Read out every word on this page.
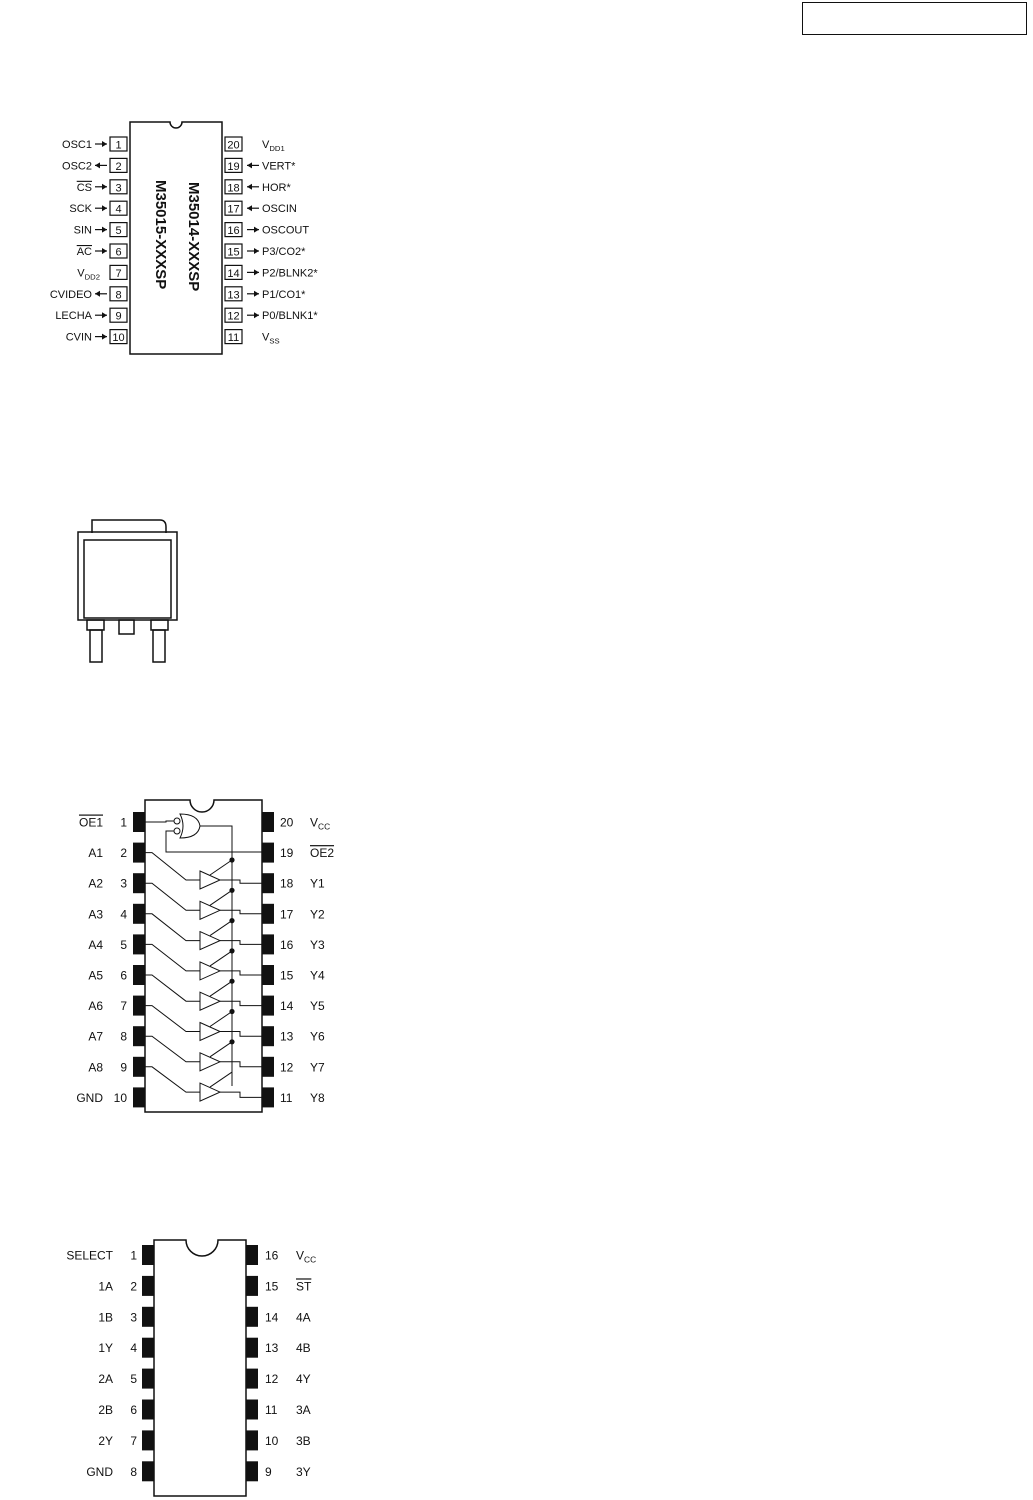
M35014-XXXSP
M35015-XXXSP
1
OSC1
2
OSC2
3
CS
4
SCK
5
SIN
6
AC
7
$V_{DD2}$
8
CVIDEO
9
LECHA
10
CVIN
20 $V_{DD1}$
19 VERT*
18 HOR*
17 OSCIN
16 OSCOUT
15 P3/CO2*
14 P2/BLNK2*
13 P1/CO1*
12 P0/BLNK1*
11 $V_{SS}$
1
OE1
2
A1
3
A2
4
A3
5
A4
6
A5
7
A6
8
A7
9
A8
10
GND
20 $V_{CC}$
19 OE2
18 Y1
17 Y2
16 Y3
15 Y4
14 Y5
13 Y6
12 Y7
11 Y8
1
SELECT
2
1A
3
1B
4
1Y
5
2A
6
2B
7
2Y
8
GND
16 $V_{CC}$
15 ST
14 4A
13 4B
12 4Y
11 3A
10 3B
9 3Y
